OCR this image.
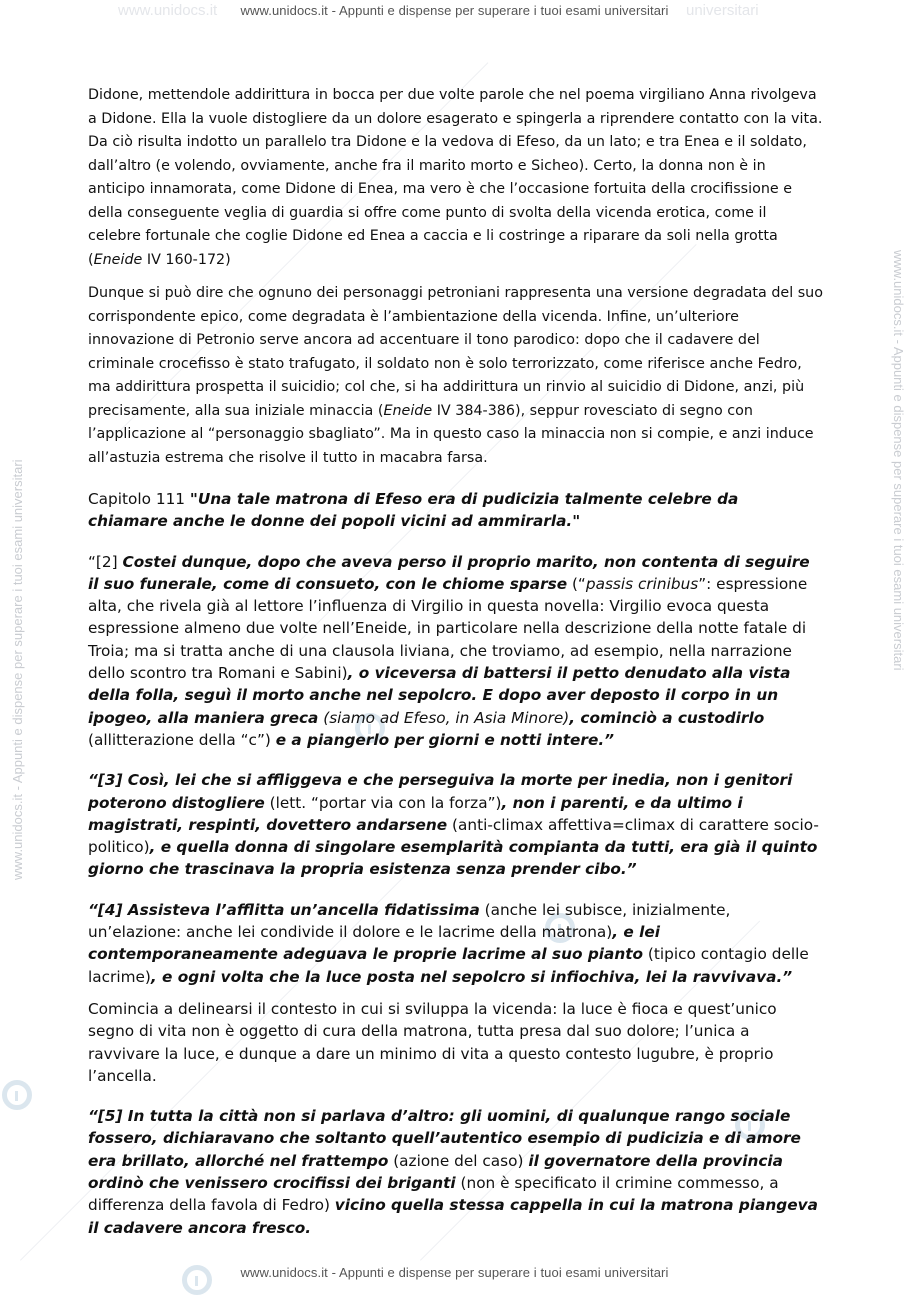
www.unidocs.it	universitari
www.unidocs.it - Appunti e dispense per superare i tuoi esami universitari
www.unidocs.it - Appunti e dispense per superare i tuoi esami universitari
www.unidocs.it - Appunti e dispense per superare i tuoi esami universitari

Didone, mettendole addirittura in bocca per due volte parole che nel poema virgiliano Anna rivolgeva a Didone. Ella la vuole distogliere da un dolore esagerato e spingerla a riprendere contatto con la vita. Da ciò risulta indotto un parallelo tra Didone e la vedova di Efeso, da un lato; e tra Enea e il soldato, dall’altro (e volendo, ovviamente, anche fra il marito morto e Sicheo). Certo, la donna non è in anticipo innamorata, come Didone di Enea, ma vero è che l’occasione fortuita della crocifissione e della conseguente veglia di guardia si offre come punto di svolta della vicenda erotica, come il celebre fortunale che coglie Didone ed Enea a caccia e li costringe a riparare da soli nella grotta (Eneide IV 160-172)

Dunque si può dire che ognuno dei personaggi petroniani rappresenta una versione degradata del suo corrispondente epico, come degradata è l’ambientazione della vicenda. Infine, un’ulteriore innovazione di Petronio serve ancora ad accentuare il tono parodico: dopo che il cadavere del criminale crocefisso è stato trafugato, il soldato non è solo terrorizzato, come riferisce anche Fedro, ma addirittura prospetta il suicidio; col che, si ha addirittura un rinvio al suicidio di Didone, anzi, più precisamente, alla sua iniziale minaccia (Eneide IV 384-386), seppur rovesciato di segno con l’applicazione al “personaggio sbagliato”. Ma in questo caso la minaccia non si compie, e anzi induce all’astuzia estrema che risolve il tutto in macabra farsa.

Capitolo 111 "Una tale matrona di Efeso era di pudicizia talmente celebre da chiamare anche le donne dei popoli vicini ad ammirarla."

“[2] Costei dunque, dopo che aveva perso il proprio marito, non contenta di seguire il suo funerale, come di consueto, con le chiome sparse (“passis crinibus”: espressione alta, che rivela già al lettore l’influenza di Virgilio in questa novella: Virgilio evoca questa espressione almeno due volte nell’Eneide, in particolare nella descrizione della notte fatale di Troia; ma si tratta anche di una clausola liviana, che troviamo, ad esempio, nella narrazione dello scontro tra Romani e Sabini), o viceversa di battersi il petto denudato alla vista della folla, seguì il morto anche nel sepolcro. E dopo aver deposto il corpo in un ipogeo, alla maniera greca (siamo ad Efeso, in Asia Minore), cominciò a custodirlo (allitterazione della “c”) e a piangerlo per giorni e notti intere.”

“[3] Così, lei che si affliggeva e che perseguiva la morte per inedia, non i genitori poterono distogliere (lett. “portar via con la forza”), non i parenti, e da ultimo i magistrati, respinti, dovettero andarsene (anti-climax affettiva=climax di carattere socio-politico), e quella donna di singolare esemplarità compianta da tutti, era già il quinto giorno che trascinava la propria esistenza senza prender cibo.”

“[4] Assisteva l’afflitta un’ancella fidatissima (anche lei subisce, inizialmente, un’elazione: anche lei condivide il dolore e le lacrime della matrona), e lei contemporaneamente adeguava le proprie lacrime al suo pianto (tipico contagio delle lacrime), e ogni volta che la luce posta nel sepolcro si infiochiva, lei la ravvivava.”

Comincia a delinearsi il contesto in cui si sviluppa la vicenda: la luce è fioca e quest’unico segno di vita non è oggetto di cura della matrona, tutta presa dal suo dolore; l’unica a ravvivare la luce, e dunque a dare un minimo di vita a questo contesto lugubre, è proprio l’ancella.

“[5] In tutta la città non si parlava d’altro: gli uomini, di qualunque rango sociale fossero, dichiaravano che soltanto quell’autentico esempio di pudicizia e di amore era brillato, allorché nel frattempo (azione del caso) il governatore della provincia ordinò che venissero crocifissi dei briganti (non è specificato il crimine commesso, a differenza della favola di Fedro) vicino quella stessa cappella in cui la matrona piangeva il cadavere ancora fresco.

www.unidocs.it - Appunti e dispense per superare i tuoi esami universitari
